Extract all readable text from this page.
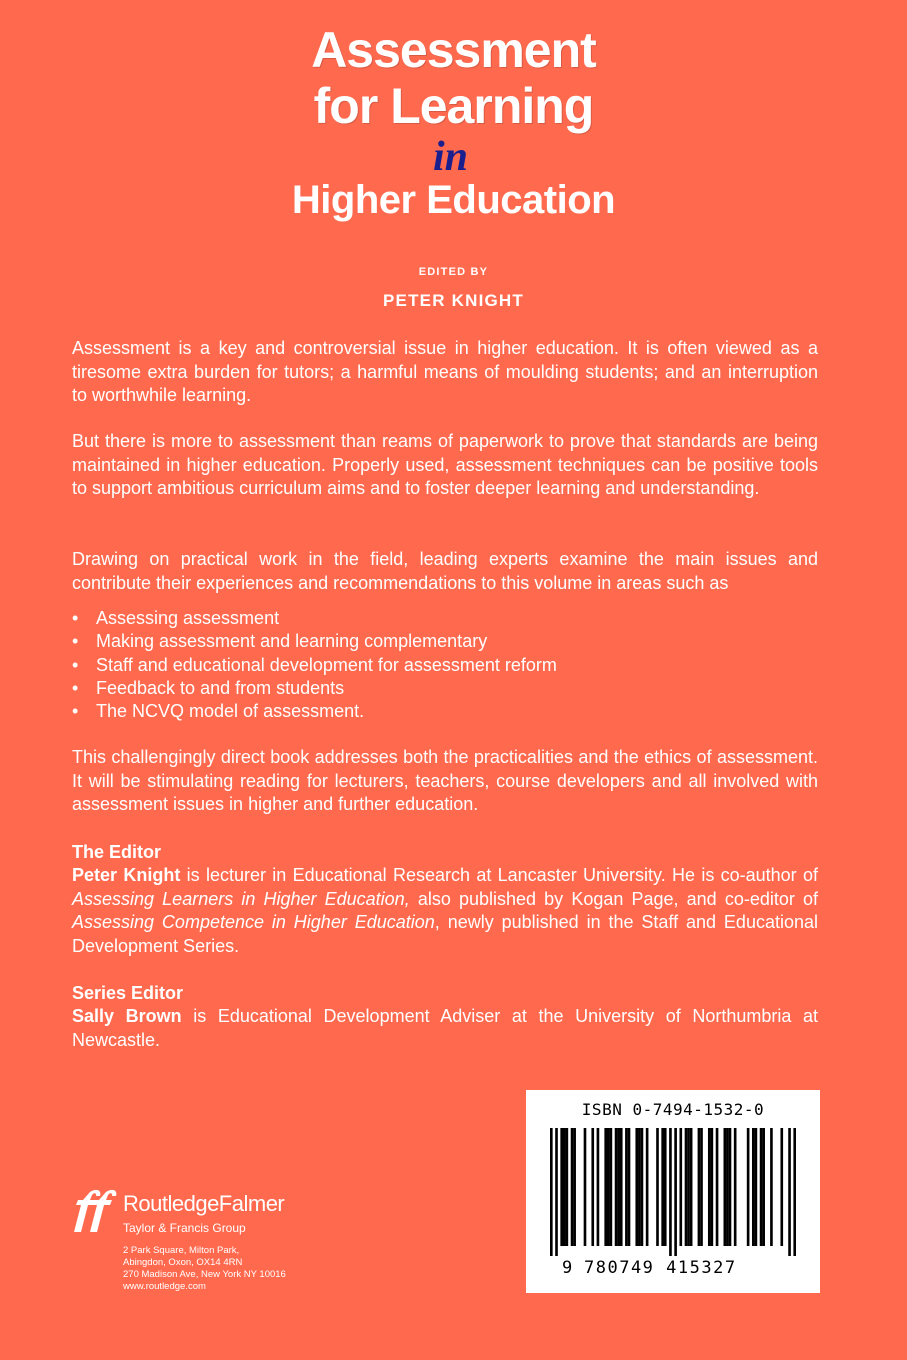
Assessment
for Learning
in
Higher Education
EDITED BY
PETER KNIGHT
Assessment is a key and controversial issue in higher education. It is often viewed as a tiresome extra burden for tutors; a harmful means of moulding students; and an interruption to worthwhile learning.
But there is more to assessment than reams of paperwork to prove that standards are being maintained in higher education. Properly used, assessment techniques can be positive tools to support ambitious curriculum aims and to foster deeper learning and understanding.
Drawing on practical work in the field, leading experts examine the main issues and contribute their experiences and recommendations to this volume in areas such as
• Assessing assessment
• Making assessment and learning complementary
• Staff and educational development for assessment reform
• Feedback to and from students
• The NCVQ model of assessment.
This challengingly direct book addresses both the practicalities and the ethics of assessment. It will be stimulating reading for lecturers, teachers, course developers and all involved with assessment issues in higher and further education.
The Editor
Peter Knight is lecturer in Educational Research at Lancaster University. He is co-author of Assessing Learners in Higher Education, also published by Kogan Page, and co-editor of Assessing Competence in Higher Education, newly published in the Staff and Educational Development Series.
Series Editor
Sally Brown is Educational Development Adviser at the University of Northumbria at Newcastle.
RoutledgeFalmer
Taylor & Francis Group
2 Park Square, Milton Park,
Abingdon, Oxon, OX14 4RN
270 Madison Ave, New York NY 10016
www.routledge.com
ISBN 0-7494-1532-0
9 780749 415327
